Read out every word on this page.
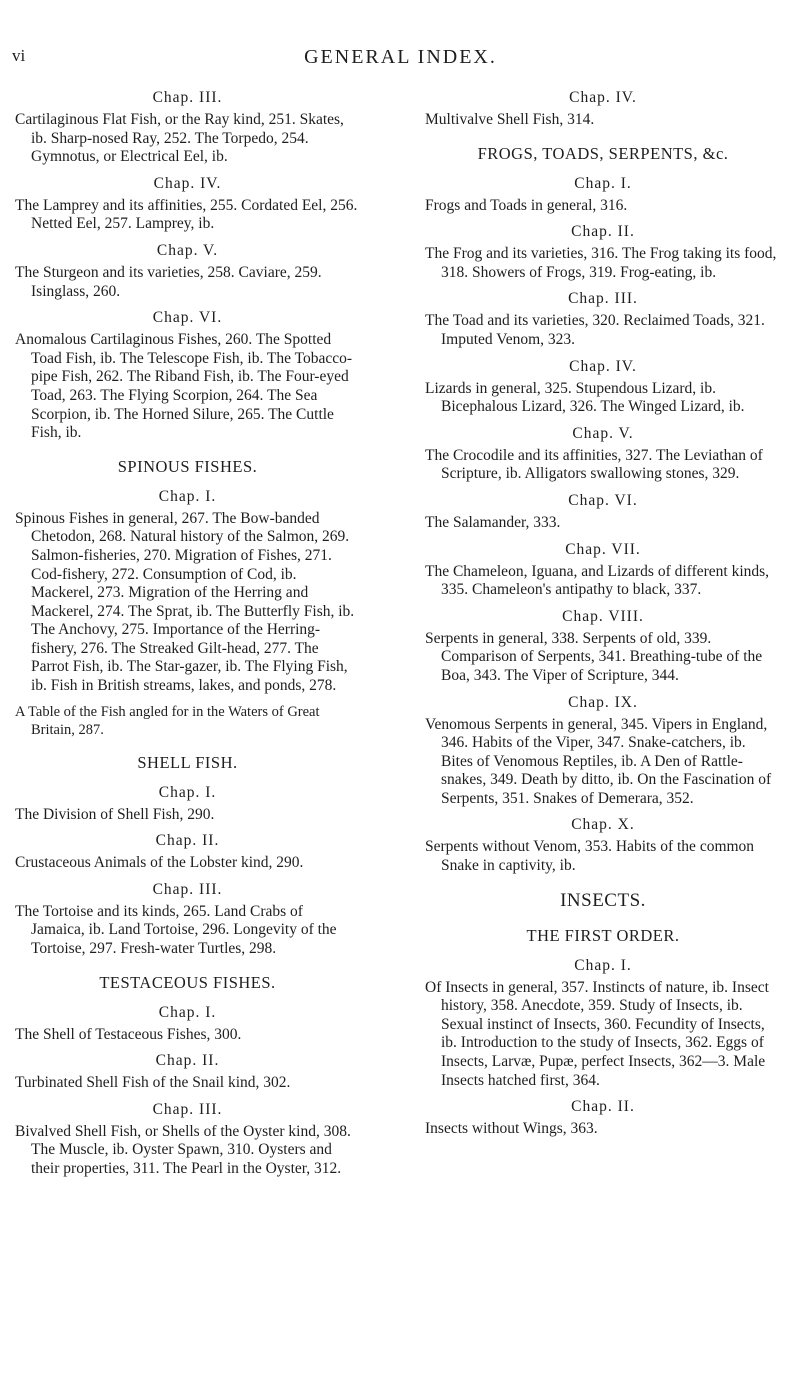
vi	GENERAL INDEX.
Chap. III.

Cartilaginous Flat Fish, or the Ray kind, 251. Skates, ib. Sharp-nosed Ray, 252. The Torpedo, 254. Gymnotus, or Electrical Eel, ib.

Chap. IV.

The Lamprey and its affinities, 255. Cordated Eel, 256. Netted Eel, 257. Lamprey, ib.

Chap. V.

The Sturgeon and its varieties, 258. Caviare, 259. Isinglass, 260.

Chap. VI.

Anomalous Cartilaginous Fishes, 260. The Spotted Toad Fish, ib. The Telescope Fish, ib. The Tobacco-pipe Fish, 262. The Riband Fish, ib. The Four-eyed Toad, 263. The Flying Scorpion, 264. The Sea Scorpion, ib. The Horned Silure, 265. The Cuttle Fish, ib.

SPINOUS FISHES.
Chap. I.

Spinous Fishes in general, 267. The Bow-banded Chetodon, 268. Natural history of the Salmon, 269. Salmon-fisheries, 270. Migration of Fishes, 271. Cod-fishery, 272. Consumption of Cod, ib. Mackerel, 273. Migration of the Herring and Mackerel, 274. The Sprat, ib. The Butterfly Fish, ib. The Anchovy, 275. Importance of the Herring-fishery, 276. The Streaked Gilt-head, 277. The Parrot Fish, ib. The Star-gazer, ib. The Flying Fish, ib. Fish in British streams, lakes, and ponds, 278.

A Table of the Fish angled for in the Waters of Great Britain, 287.

SHELL FISH.
Chap. I.

The Division of Shell Fish, 290.

Chap. II.

Crustaceous Animals of the Lobster kind, 290.

Chap. III.

The Tortoise and its kinds, 265. Land Crabs of Jamaica, ib. Land Tortoise, 296. Longevity of the Tortoise, 297. Fresh-water Turtles, 298.

TESTACEOUS FISHES.
Chap. I.

The Shell of Testaceous Fishes, 300.

Chap. II.

Turbinated Shell Fish of the Snail kind, 302.

Chap. III.

Bivalved Shell Fish, or Shells of the Oyster kind, 308. The Muscle, ib. Oyster Spawn, 310. Oysters and their properties, 311. The Pearl in the Oyster, 312.

Chap. IV.

Multivalve Shell Fish, 314.

FROGS, TOADS, SERPENTS, &c.
Chap. I.

Frogs and Toads in general, 316.

Chap. II.

The Frog and its varieties, 316. The Frog taking its food, 318. Showers of Frogs, 319. Frog-eating, ib.

Chap. III.

The Toad and its varieties, 320. Reclaimed Toads, 321. Imputed Venom, 323.

Chap. IV.

Lizards in general, 325. Stupendous Lizard, ib. Bicephalous Lizard, 326. The Winged Lizard, ib.

Chap. V.

The Crocodile and its affinities, 327. The Leviathan of Scripture, ib. Alligators swallowing stones, 329.

Chap. VI.

The Salamander, 333.

Chap. VII.

The Chameleon, Iguana, and Lizards of different kinds, 335. Chameleon's antipathy to black, 337.

Chap. VIII.

Serpents in general, 338. Serpents of old, 339. Comparison of Serpents, 341. Breathing-tube of the Boa, 343. The Viper of Scripture, 344.

Chap. IX.

Venomous Serpents in general, 345. Vipers in England, 346. Habits of the Viper, 347. Snake-catchers, ib. Bites of Venomous Reptiles, ib. A Den of Rattle-snakes, 349. Death by ditto, ib. On the Fascination of Serpents, 351. Snakes of Demerara, 352.

Chap. X.

Serpents without Venom, 353. Habits of the common Snake in captivity, ib.

INSECTS.
THE FIRST ORDER.
Chap. I.

Of Insects in general, 357. Instincts of nature, ib. Insect history, 358. Anecdote, 359. Study of Insects, ib. Sexual instinct of Insects, 360. Fecundity of Insects, ib. Introduction to the study of Insects, 362. Eggs of Insects, Larvæ, Pupæ, perfect Insects, 362—3. Male Insects hatched first, 364.

Chap. II.

Insects without Wings, 363.
